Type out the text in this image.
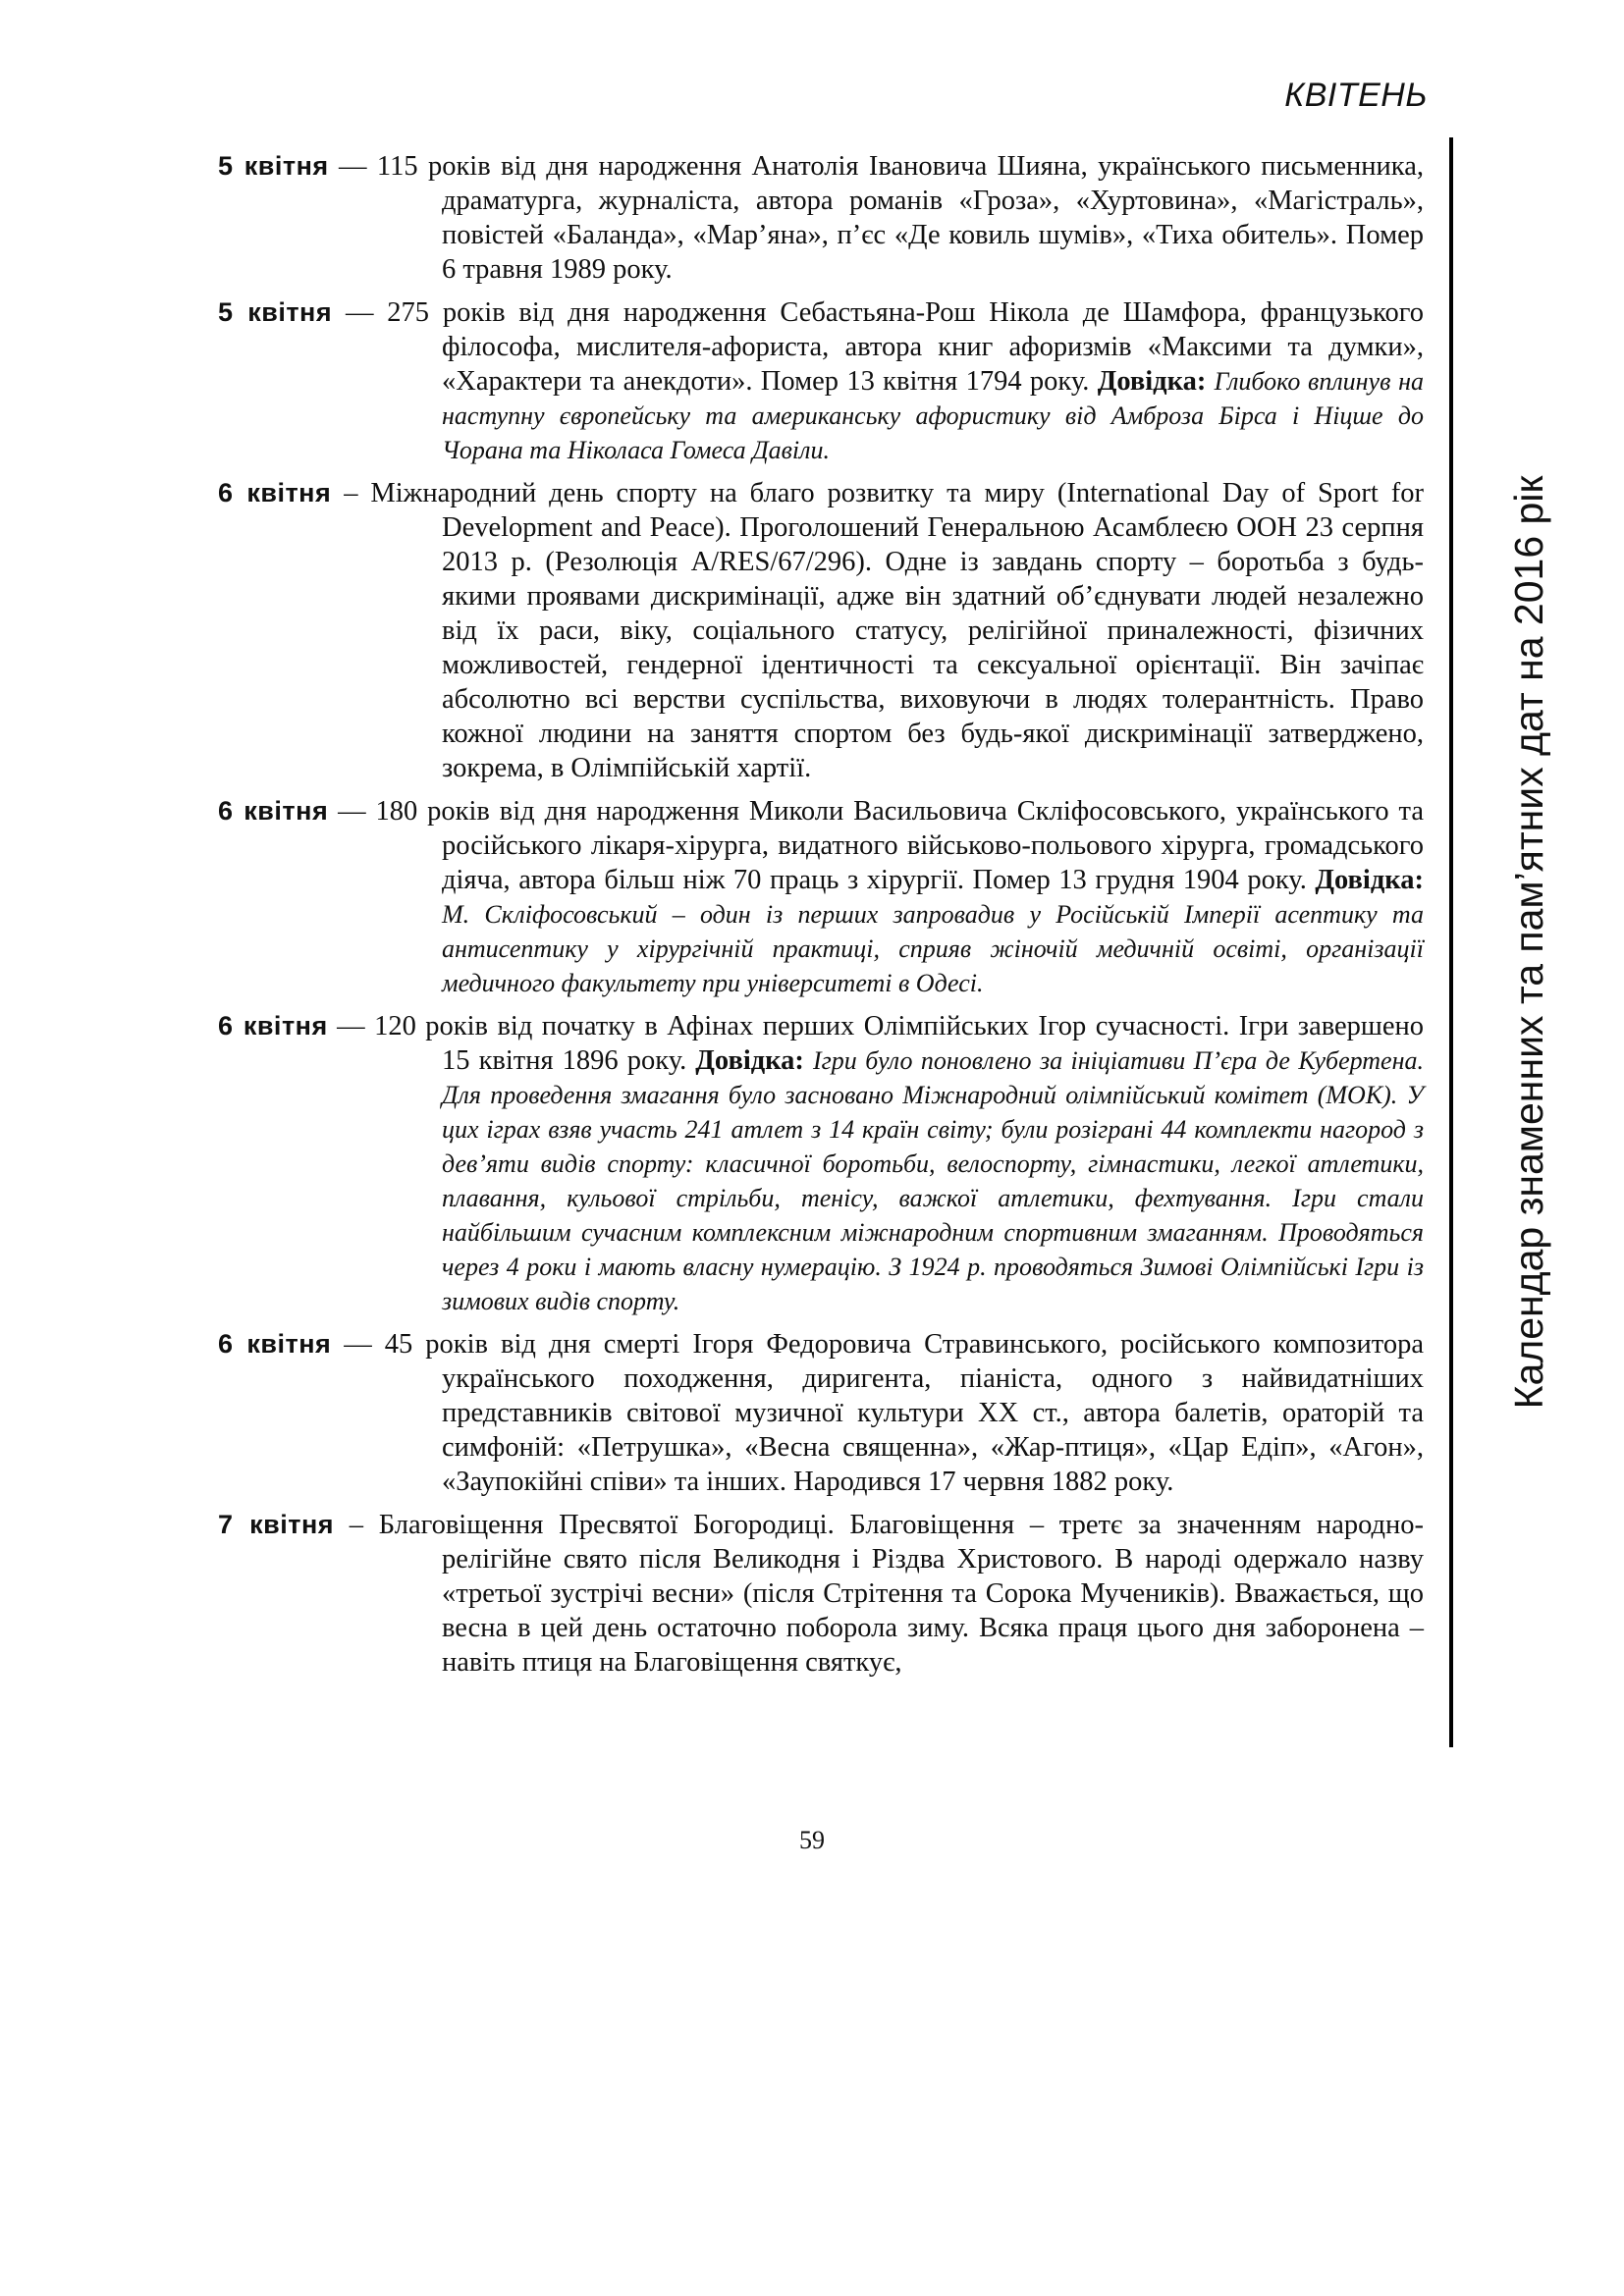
КВІТЕНЬ

5 квітня — 115 років від дня народження Анатолія Івановича Шияна, українського письменника, драматурга, журналіста, автора романів «Гроза», «Хуртовина», «Магістраль», повістей «Баланда», «Мар’яна», п’єс «Де ковиль шумів», «Тиха обитель». Помер 6 травня 1989 року.

5 квітня — 275 років від дня народження Себастьяна-Рош Нікола де Шамфора, французького філософа, мислителя-афориста, автора книг афоризмів «Максими та думки», «Характери та анекдоти». Помер 13 квітня 1794 року. Довідка: Глибоко вплинув на наступну європейську та американську афористику від Амброза Бірса і Ніцше до Чорана та Ніколаса Гомеса Давіли.

6 квітня – Міжнародний день спорту на благо розвитку та миру (International Day of Sport for Development and Peace). Проголошений Генеральною Асамблеєю ООН 23 серпня 2013 р. (Резолюція A/RES/67/296). Одне із завдань спорту – боротьба з будь-якими проявами дискримінації, адже він здатний об’єднувати людей незалежно від їх раси, віку, соціального статусу, релігійної приналежності, фізичних можливостей, гендерної ідентичності та сексуальної орієнтації. Він зачіпає абсолютно всі верстви суспільства, виховуючи в людях толерантність. Право кожної людини на заняття спортом без будь-якої дискримінації затверджено, зокрема, в Олімпійській хартії.

6 квітня — 180 років від дня народження Миколи Васильовича Скліфосовського, українського та російського лікаря-хірурга, видатного військово-польового хірурга, громадського діяча, автора більш ніж 70 праць з хірургії. Помер 13 грудня 1904 року. Довідка: М. Скліфосовський – один із перших запровадив у Російській Імперії асептику та антисептику у хірургічній практиці, сприяв жіночій медичній освіті, організації медичного факультету при університеті в Одесі.

6 квітня — 120 років від початку в Афінах перших Олімпійських Ігор сучасності. Ігри завершено 15 квітня 1896 року. Довідка: Ігри було поновлено за ініціативи П’єра де Кубертена. Для проведення змагання було засновано Міжнародний олімпійський комітет (МОК). У цих іграх взяв участь 241 атлет з 14 країн світу; були розіграні 44 комплекти нагород з дев’яти видів спорту: класичної боротьби, велоспорту, гімнастики, легкої атлетики, плавання, кульової стрільби, тенісу, важкої атлетики, фехтування. Ігри стали найбільшим сучасним комплексним міжнародним спортивним змаганням. Проводяться через 4 роки і мають власну нумерацію. З 1924 р. проводяться Зимові Олімпійські Ігри із зимових видів спорту.

6 квітня — 45 років від дня смерті Ігоря Федоровича Стравинського, російського композитора українського походження, диригента, піаніста, одного з найвидатніших представників світової музичної культури XX ст., автора балетів, ораторій та симфоній: «Петрушка», «Весна священна», «Жар-птиця», «Цар Едіп», «Агон», «Заупокійні співи» та інших. Народився 17 червня 1882 року.

7 квітня – Благовіщення Пресвятої Богородиці. Благовіщення – третє за значенням народно-релігійне свято після Великодня і Різдва Христового. В народі одержало назву «третьої зустрічі весни» (після Стрітення та Сорока Мучеників). Вважається, що весна в цей день остаточно поборола зиму. Всяка праця цього дня заборонена – навіть птиця на Благовіщення святкує,

Календар знаменних та пам’ятних дат на 2016 рік
59
